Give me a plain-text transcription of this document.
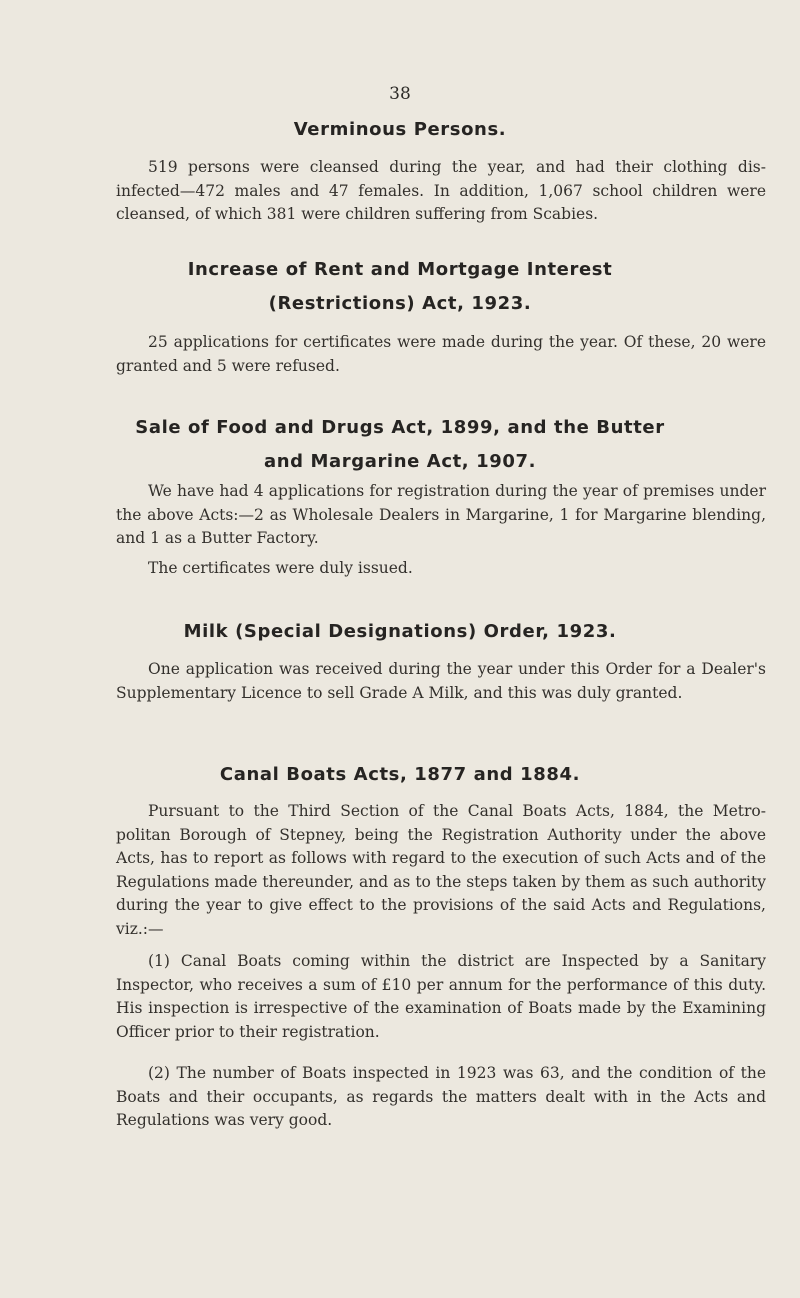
38
Verminous Persons.
519 persons were cleansed during the year, and had their clothing dis-infected—472 males and 47 females. In addition, 1,067 school children were cleansed, of which 381 were children suffering from Scabies.
Increase of Rent and Mortgage Interest
(Restrictions) Act, 1923.
25 applications for certificates were made during the year. Of these, 20 were granted and 5 were refused.
Sale of Food and Drugs Act, 1899, and the Butter
and Margarine Act, 1907.
We have had 4 applications for registration during the year of premises under the above Acts:—2 as Wholesale Dealers in Margarine, 1 for Margarine blending, and 1 as a Butter Factory.
The certificates were duly issued.
Milk (Special Designations) Order, 1923.
One application was received during the year under this Order for a Dealer's Supplementary Licence to sell Grade A Milk, and this was duly granted.
Canal Boats Acts, 1877 and 1884.
Pursuant to the Third Section of the Canal Boats Acts, 1884, the Metro-politan Borough of Stepney, being the Registration Authority under the above Acts, has to report as follows with regard to the execution of such Acts and of the Regulations made thereunder, and as to the steps taken by them as such authority during the year to give effect to the provisions of the said Acts and Regulations, viz.:—
(1) Canal Boats coming within the district are Inspected by a Sanitary Inspector, who receives a sum of £10 per annum for the performance of this duty. His inspection is irrespective of the examination of Boats made by the Examining Officer prior to their registration.
(2) The number of Boats inspected in 1923 was 63, and the condition of the Boats and their occupants, as regards the matters dealt with in the Acts and Regulations was very good.
